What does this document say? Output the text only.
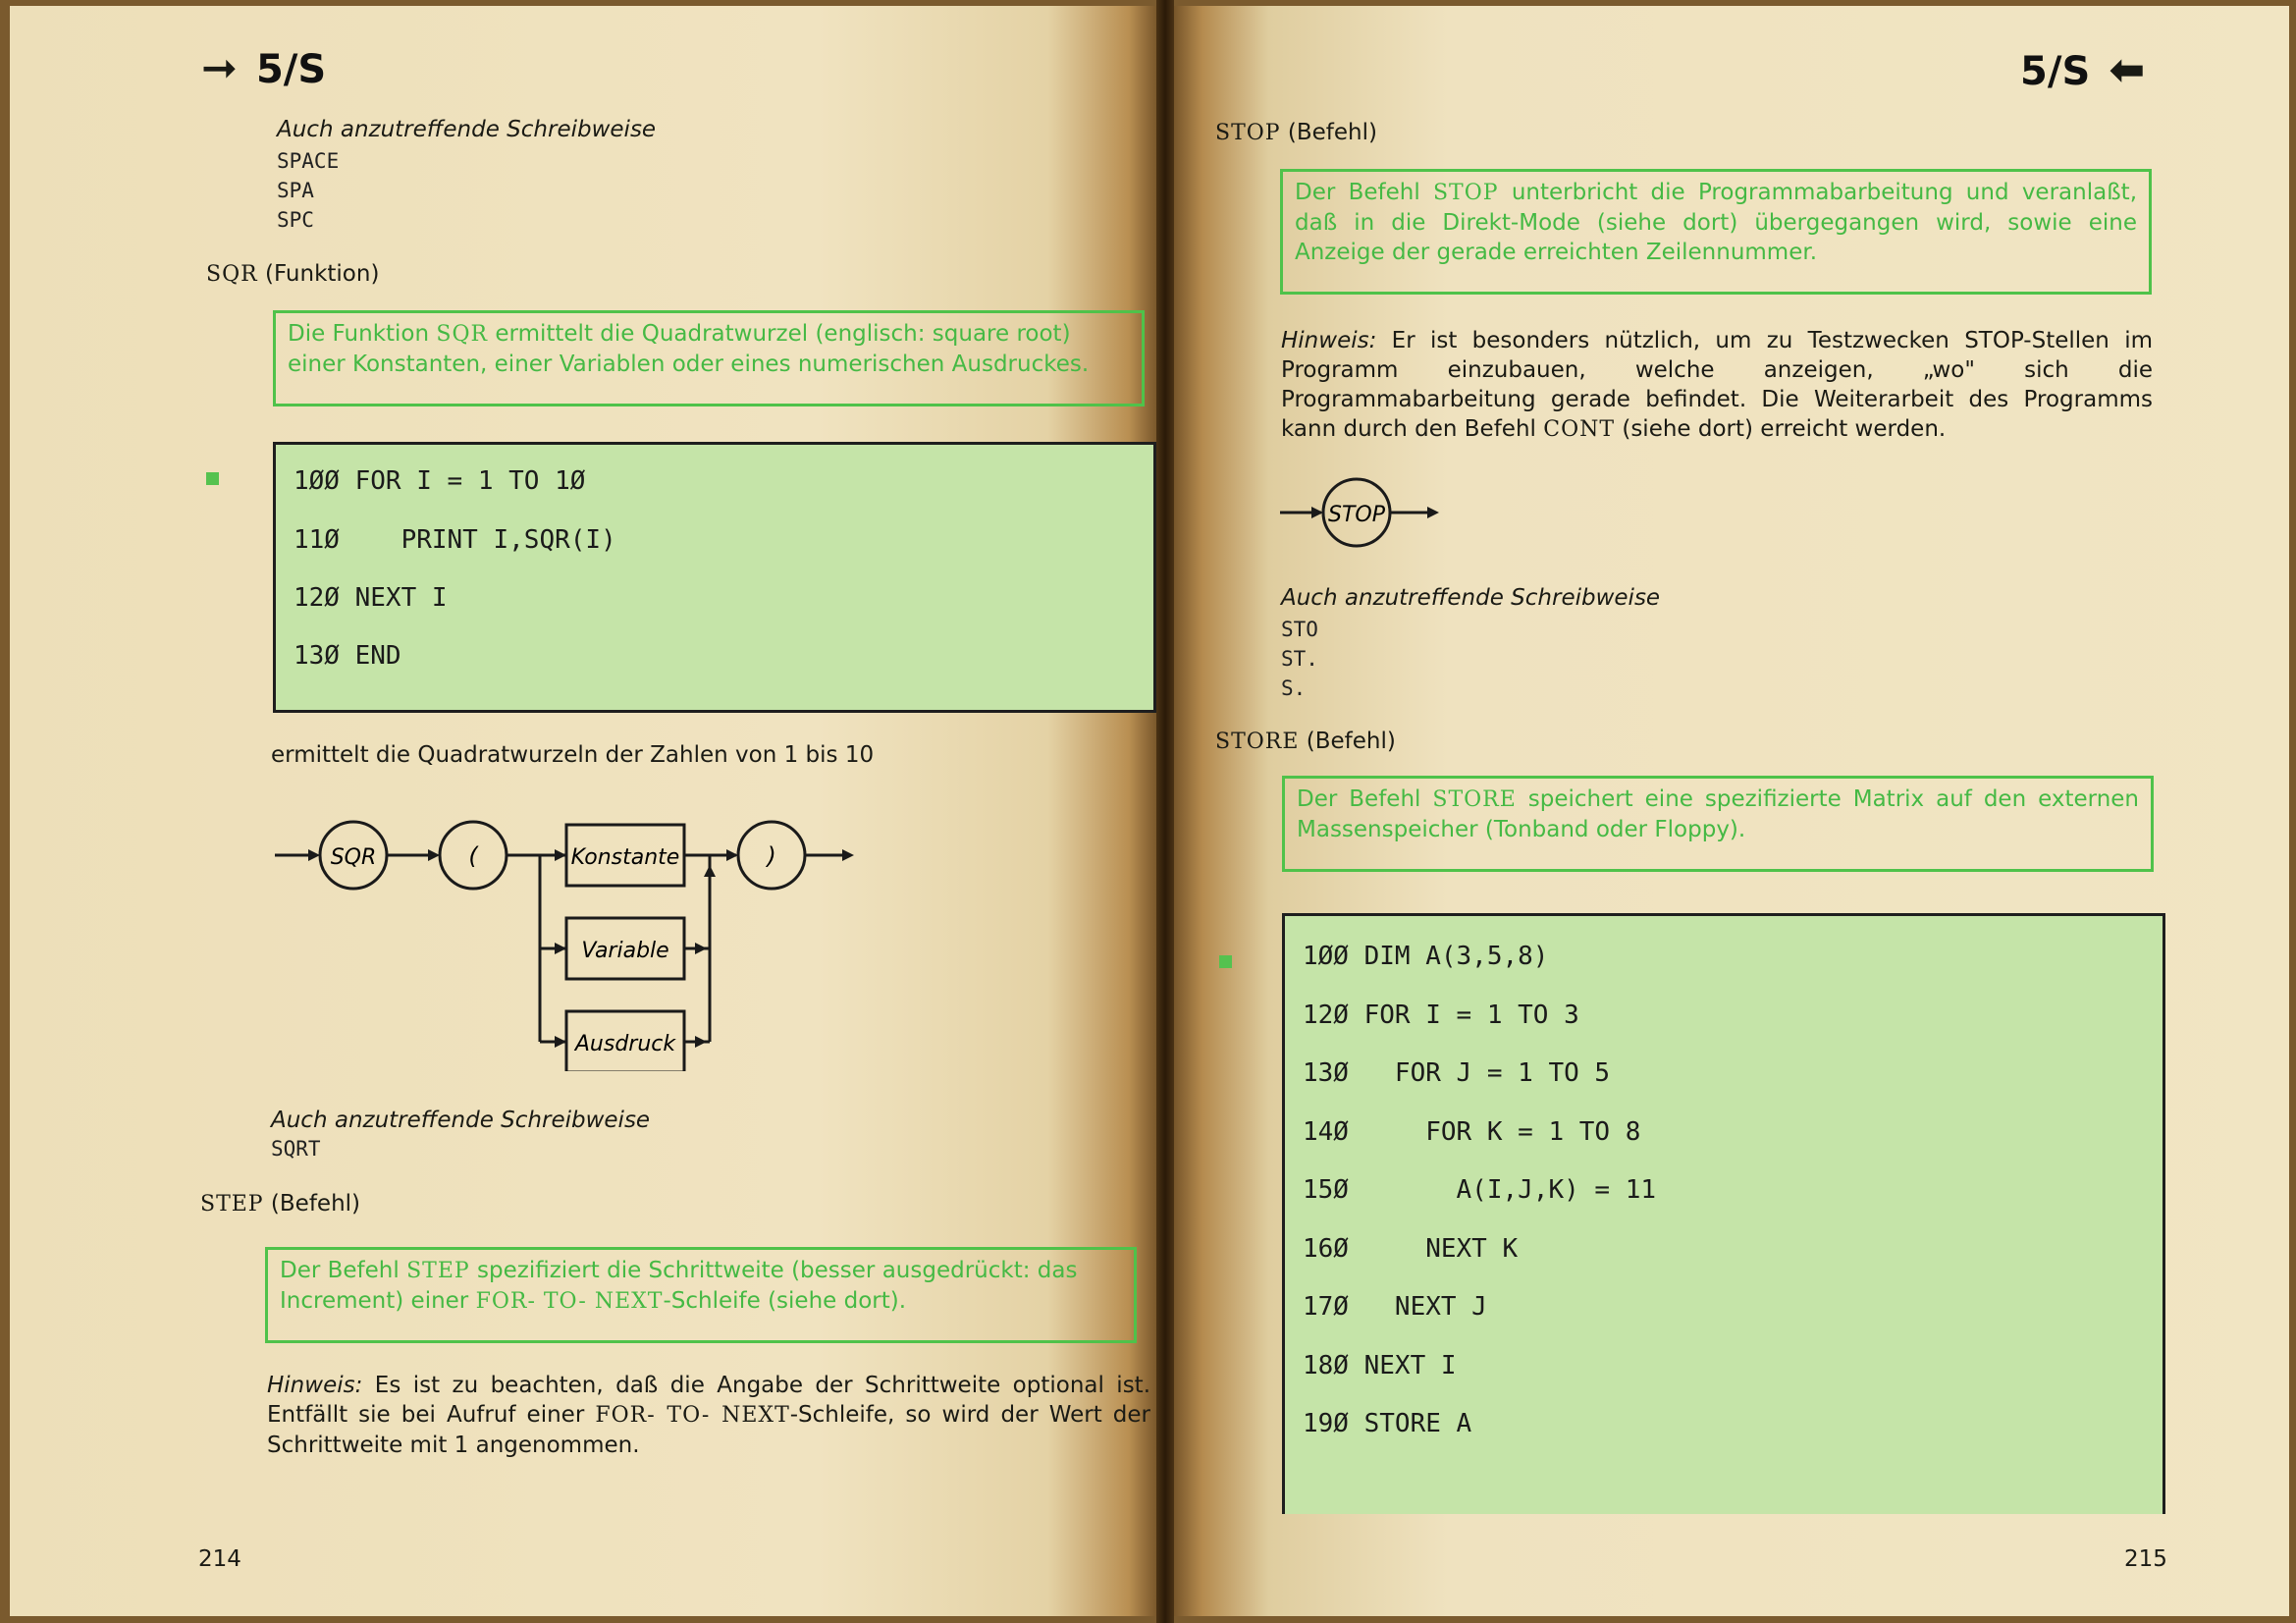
➞ 5/S
Auch anzutreffende Schreibweise
SPACE
SPA
SPC
SQR (Funktion)
Die Funktion SQR ermittelt die Quadratwurzel (englisch: square root) einer Konstanten, einer Variablen oder eines numerischen Ausdruckes.
1ØØ FOR I = 1 TO 1Ø
11Ø    PRINT I,SQR(I)
12Ø NEXT I
13Ø END
ermittelt die Quadratwurzeln der Zahlen von 1 bis 10
SQR	(	Konstante
Variable
Ausdruck
)
Auch anzutreffende Schreibweise
SQRT
STEP (Befehl)
Der Befehl STEP spezifiziert die Schrittweite (besser ausgedrückt: das Increment) einer FOR- TO- NEXT-Schleife (siehe dort).
Hinweis: Es ist zu beachten, daß die Angabe der Schrittweite optional ist. Entfällt sie bei Aufruf einer FOR- TO- NEXT-Schleife, so wird der Wert der Schrittweite mit 1 angenommen.
214
5/S ⬅
STOP (Befehl)
Der Befehl STOP unterbricht die Programmabarbeitung und veranlaßt, daß in die Direkt-Mode (siehe dort) übergegangen wird, sowie eine Anzeige der gerade erreichten Zeilennummer.
Hinweis: Er ist besonders nützlich, um zu Testzwecken STOP-Stellen im Programm einzubauen, welche anzeigen, „wo" sich die Programmabarbeitung gerade befindet. Die Weiterarbeit des Programms kann durch den Befehl CONT (siehe dort) erreicht werden.
STOP
Auch anzutreffende Schreibweise
STO
ST.
S.
STORE (Befehl)
Der Befehl STORE speichert eine spezifizierte Matrix auf den externen Massenspeicher (Tonband oder Floppy).
1ØØ DIM A(3,5,8)
12Ø FOR I = 1 TO 3
13Ø   FOR J = 1 TO 5
14Ø     FOR K = 1 TO 8
15Ø       A(I,J,K) = 11
16Ø     NEXT K
17Ø   NEXT J
18Ø NEXT I
19Ø STORE A
215
